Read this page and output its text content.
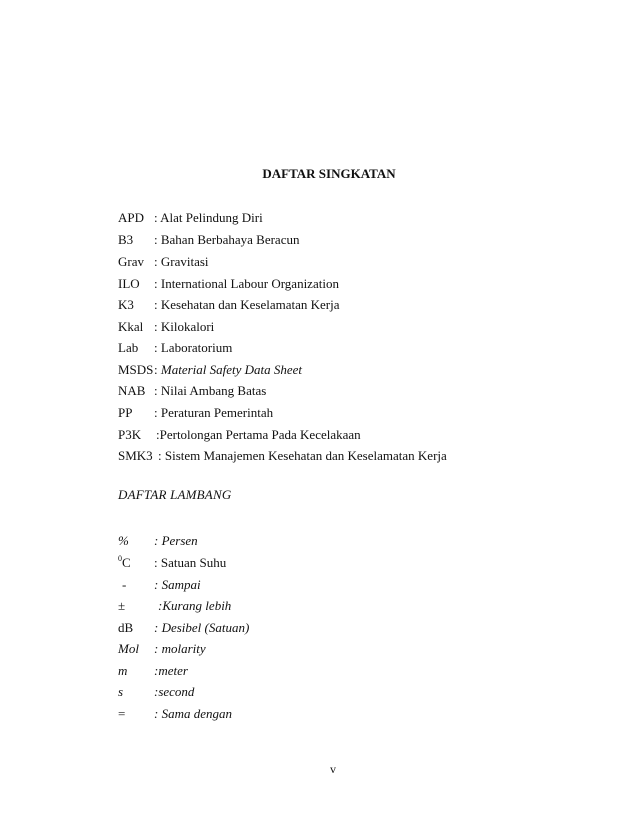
DAFTAR SINGKATAN
APD : Alat Pelindung Diri
B3 : Bahan Berbahaya Beracun
Grav : Gravitasi
ILO : International Labour Organization
K3 : Kesehatan dan Keselamatan Kerja
Kkal : Kilokalori
Lab : Laboratorium
MSDS : Material Safety Data Sheet
NAB : Nilai Ambang Batas
PP : Peraturan Pemerintah
P3K :Pertolongan Pertama Pada Kecelakaan
SMK3 : Sistem Manajemen Kesehatan dan Keselamatan Kerja
DAFTAR LAMBANG
% : Persen
$^0$C : Satuan Suhu
- : Sampai
±	:Kurang lebih
dB : Desibel (Satuan)
Mol : molarity
m :meter
s :second
= : Sama dengan
v
